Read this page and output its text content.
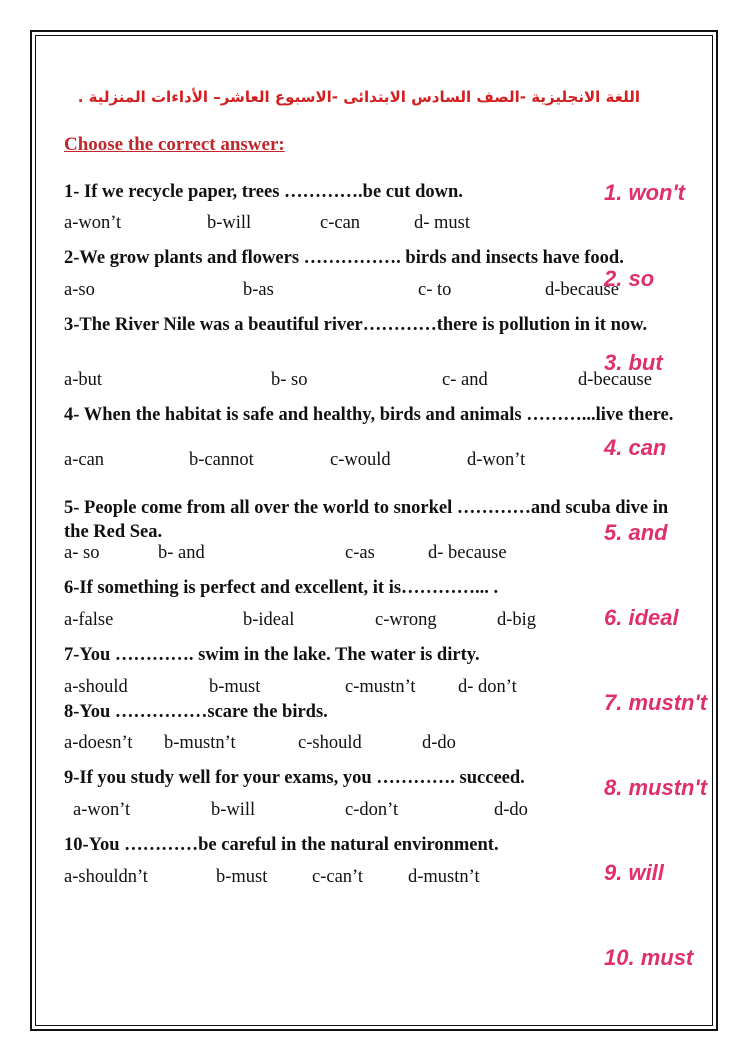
اللغة الانجليزية -الصف السادس الابتدائى -الاسبوع العاشر– الأداءات المنزلية .
Choose the correct answer:
1- If we recycle paper, trees ………….be cut down.
a-won’t	b-will	c-can	d- must
2-We grow plants and flowers ……………. birds and insects have food.
a-so	b-as	c- to	d-because
3-The River Nile was a beautiful river…………there is pollution in it now.
a-but	b- so	c- and	d-because
4- When the habitat is safe and healthy, birds and animals ………...live there.
a-can	b-cannot	c-would	d-won’t
5- People come from all over the world to snorkel …………and scuba dive in the Red Sea.
a- so	b- and	c-as	d- because
6-If something is perfect and excellent, it is…………... .
a-false	b-ideal	c-wrong	d-big
7-You …………. swim in the lake. The water is dirty.
a-should	b-must	c-mustn’t d- don’t
8-You ……………scare the birds.
a-doesn’t b-mustn’t	c-should	d-do
9-If you study well for your exams, you …………. succeed.
a-won’t	b-will	c-don’t	d-do
10-You …………be careful in the natural environment.
a-shouldn’t	b-must c-can’t d-mustn’t
1. won't
2. so
3. but
4. can
5. and
6. ideal
7. mustn't
8. mustn't
9. will
10. must
